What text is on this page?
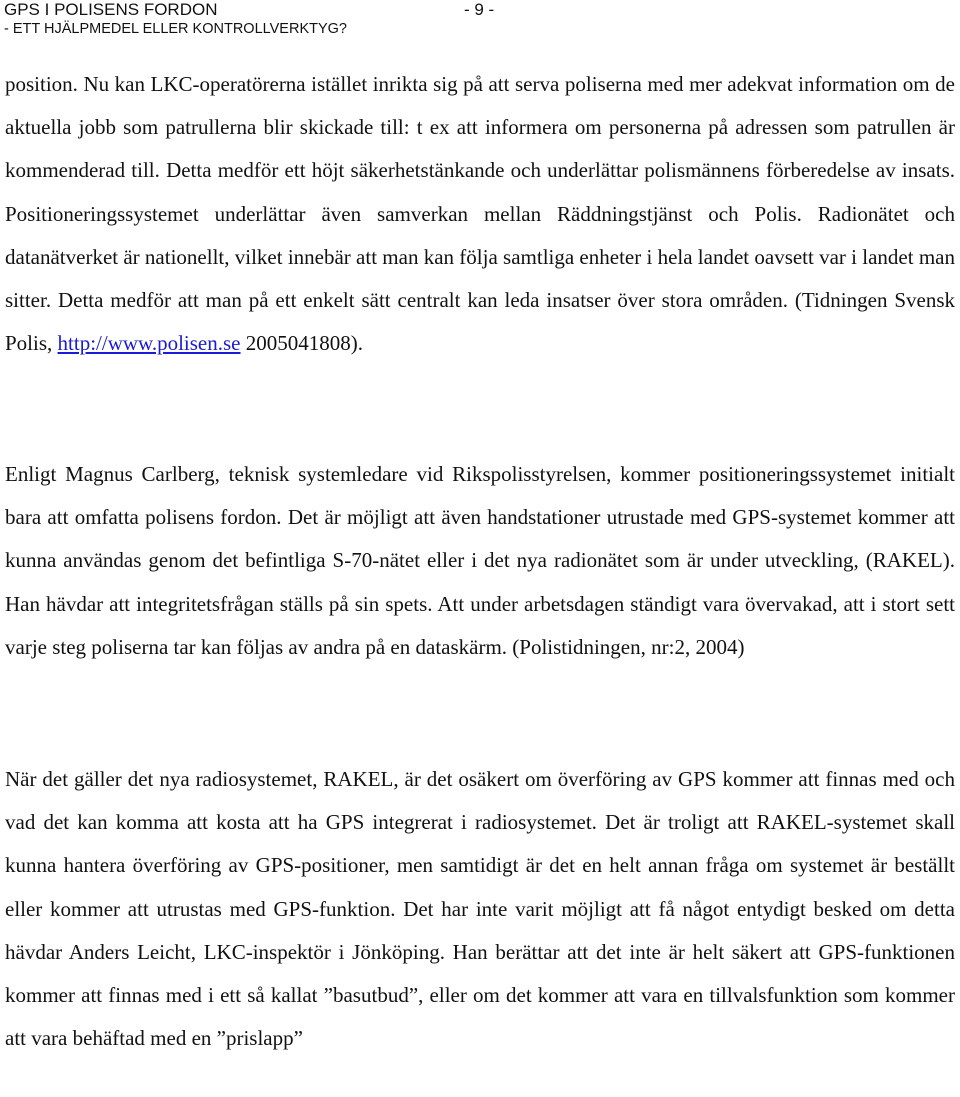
GPS I POLISENS FORDON	- 9 -
- ETT HJÄLPMEDEL ELLER KONTROLLVERKTYG?

position. Nu kan LKC-operatörerna istället inrikta sig på att serva poliserna med mer adekvat information om de aktuella jobb som patrullerna blir skickade till: t ex att informera om personerna på adressen som patrullen är kommenderad till. Detta medför ett höjt säkerhetstänkande och underlättar polismännens förberedelse av insats. Positioneringssystemet underlättar även samverkan mellan Räddningstjänst och Polis. Radionätet och datanätverket är nationellt, vilket innebär att man kan följa samtliga enheter i hela landet oavsett var i landet man sitter. Detta medför att man på ett enkelt sätt centralt kan leda insatser över stora områden. (Tidningen Svensk Polis, http://www.polisen.se 2005041808).

Enligt Magnus Carlberg, teknisk systemledare vid Rikspolisstyrelsen, kommer positioneringssystemet initialt bara att omfatta polisens fordon. Det är möjligt att även handstationer utrustade med GPS-systemet kommer att kunna användas genom det befintliga S-70-nätet eller i det nya radionätet som är under utveckling, (RAKEL). Han hävdar att integritetsfrågan ställs på sin spets. Att under arbetsdagen ständigt vara övervakad, att i stort sett varje steg poliserna tar kan följas av andra på en dataskärm. (Polistidningen, nr:2, 2004)

När det gäller det nya radiosystemet, RAKEL, är det osäkert om överföring av GPS kommer att finnas med och vad det kan komma att kosta att ha GPS integrerat i radiosystemet. Det är troligt att RAKEL-systemet skall kunna hantera överföring av GPS-positioner, men samtidigt är det en helt annan fråga om systemet är beställt eller kommer att utrustas med GPS-funktion. Det har inte varit möjligt att få något entydigt besked om detta hävdar Anders Leicht, LKC-inspektör i Jönköping. Han berättar att det inte är helt säkert att GPS-funktionen kommer att finnas med i ett så kallat ”basutbud”, eller om det kommer att vara en tillvalsfunktion som kommer att vara behäftad med en ”prislapp”
